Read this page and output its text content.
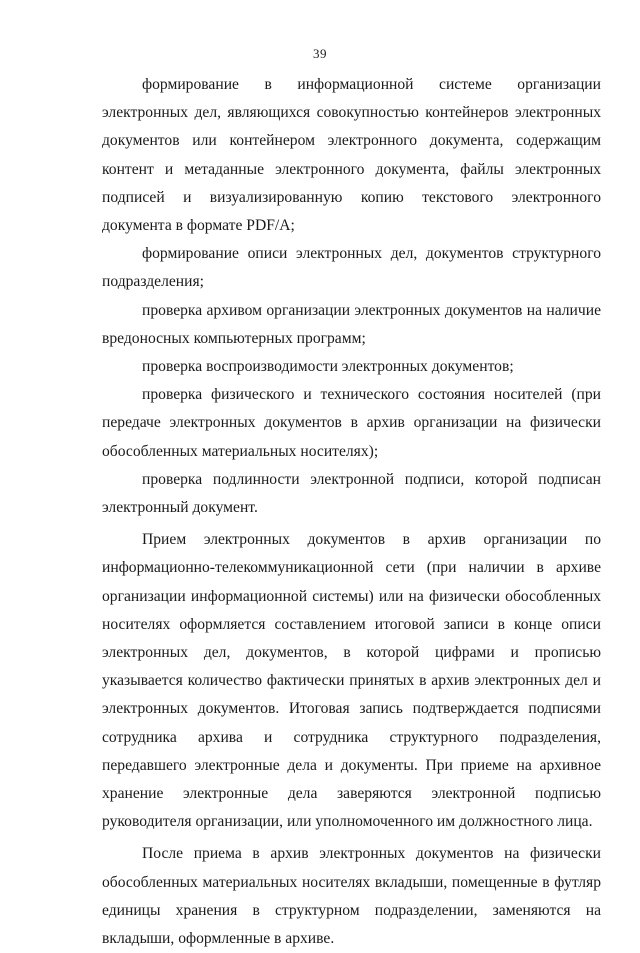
39

формирование в информационной системе организации электронных дел, являющихся совокупностью контейнеров электронных документов или контейнером электронного документа, содержащим контент и метаданные электронного документа, файлы электронных подписей и визуализированную копию текстового электронного документа в формате PDF/A;

формирование описи электронных дел, документов структурного подразделения;

проверка архивом организации электронных документов на наличие вредоносных компьютерных программ;

проверка воспроизводимости электронных документов;

проверка физического и технического состояния носителей (при передаче электронных документов в архив организации на физически обособленных материальных носителях);

проверка подлинности электронной подписи, которой подписан электронный документ.

Прием электронных документов в архив организации по информационно-телекоммуникационной сети (при наличии в архиве организации информационной системы) или на физически обособленных носителях оформляется составлением итоговой записи в конце описи электронных дел, документов, в которой цифрами и прописью указывается количество фактически принятых в архив электронных дел и электронных документов. Итоговая запись подтверждается подписями сотрудника архива и сотрудника структурного подразделения, передавшего электронные дела и документы. При приеме на архивное хранение электронные дела заверяются электронной подписью руководителя организации, или уполномоченного им должностного лица.

После приема в архив электронных документов на физически обособленных материальных носителях вкладыши, помещенные в футляр единицы хранения в структурном подразделении, заменяются на вкладыши, оформленные в архиве.
